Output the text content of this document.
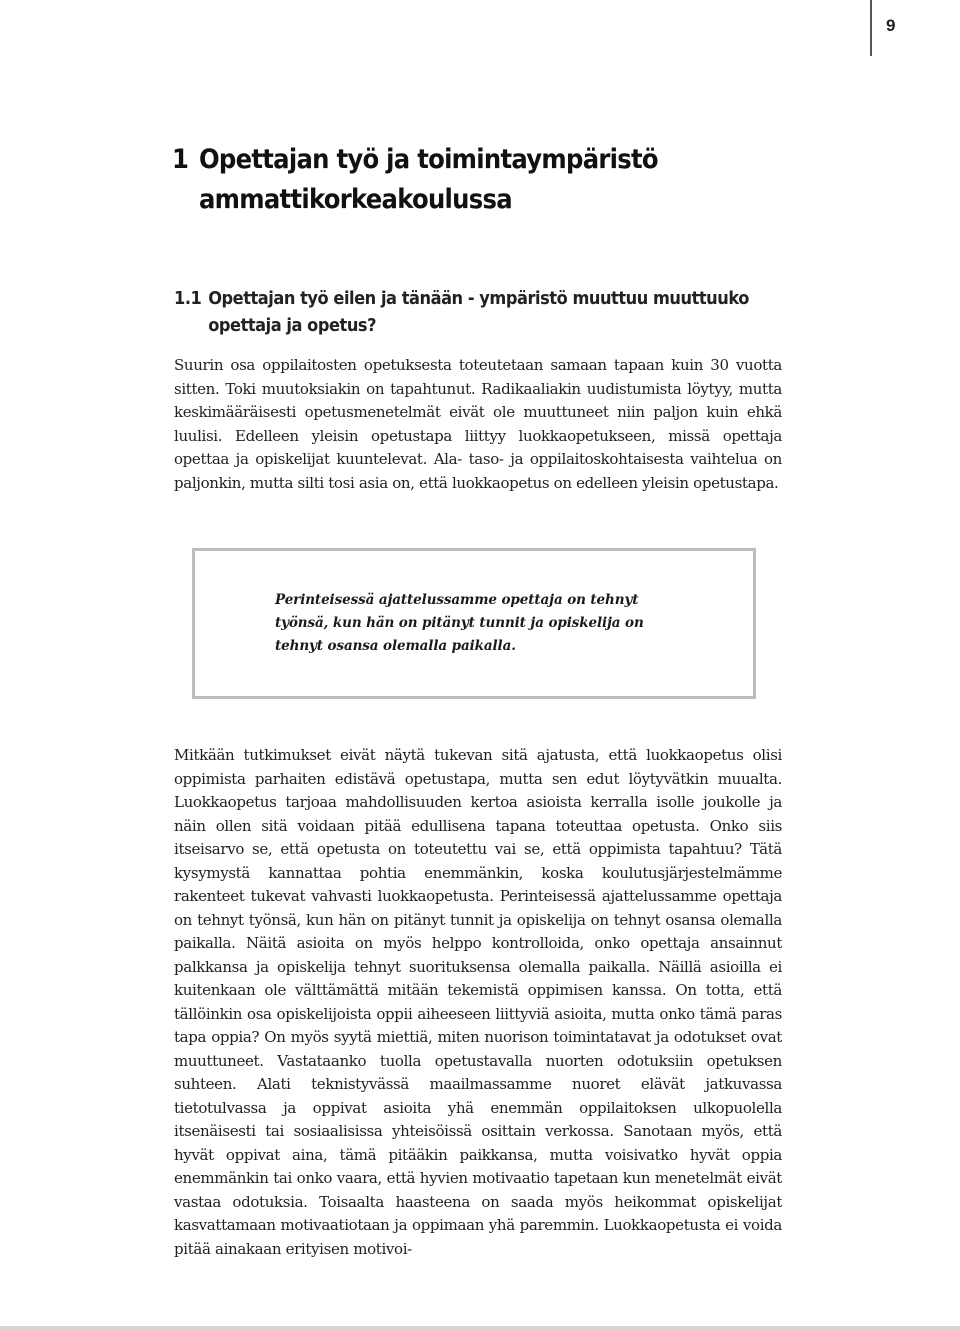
9
1 Opettajan työ ja toimintaympäristö
ammattikorkeakoulussa
1.1 Opettajan työ eilen ja tänään - ympäristö muuttuu muuttuuko
opettaja ja opetus?

Suurin osa oppilaitosten opetuksesta toteutetaan samaan tapaan kuin 30 vuotta sitten. Toki muutoksiakin on tapahtunut. Radikaaliakin uudistumista löytyy, mutta keskimääräisesti opetusmenetelmät eivät ole muuttuneet niin paljon kuin ehkä luulisi. Edelleen yleisin opetustapa liittyy luokkaopetukseen, missä opettaja opettaa ja opiskelijat kuuntelevat. Ala- taso- ja oppilaitoskohtaisesta vaihtelua on paljonkin, mutta silti tosi asia on, että luokkaopetus on edelleen yleisin opetustapa.

Perinteisessä ajattelussamme opettaja on tehnyt työnsä, kun hän on pitänyt tunnit ja opiskelija on tehnyt osansa olemalla paikalla.

Mitkään tutkimukset eivät näytä tukevan sitä ajatusta, että luokkaopetus olisi oppimista parhaiten edistävä opetustapa, mutta sen edut löytyvätkin muualta. Luokkaopetus tarjoaa mahdollisuuden kertoa asioista kerralla isolle joukolle ja näin ollen sitä voidaan pitää edullisena tapana toteuttaa opetusta. Onko siis itseisarvo se, että opetusta on toteutettu vai se, että oppimista tapahtuu? Tätä kysymystä kannattaa pohtia enemmänkin, koska koulutusjärjestelmämme rakenteet tukevat vahvasti luokkaopetusta. Perinteisessä ajattelussamme opettaja on tehnyt työnsä, kun hän on pitänyt tunnit ja opiskelija on tehnyt osansa olemalla paikalla. Näitä asioita on myös helppo kontrolloida, onko opettaja ansainnut palkkansa ja opiskelija tehnyt suorituksensa olemalla paikalla. Näillä asioilla ei kuitenkaan ole välttämättä mitään tekemistä oppimisen kanssa. On totta, että tällöinkin osa opiskelijoista oppii aiheeseen liittyviä asioita, mutta onko tämä paras tapa oppia? On myös syytä miettiä, miten nuorison toimintatavat ja odotukset ovat muuttuneet. Vastataanko tuolla opetustavalla nuorten odotuksiin opetuksen suhteen. Alati teknistyvässä maailmassamme nuoret elävät jatkuvassa tietotulvassa ja oppivat asioita yhä enemmän oppilaitoksen ulkopuolella itsenäisesti tai sosiaalisissa yhteisöissä osittain verkossa. Sanotaan myös, että hyvät oppivat aina, tämä pitääkin paikkansa, mutta voisivatko hyvät oppia enemmänkin tai onko vaara, että hyvien motivaatio tapetaan kun menetelmät eivät vastaa odotuksia. Toisaalta haasteena on saada myös heikommat opiskelijat kasvattamaan motivaatiotaan ja oppimaan yhä paremmin. Luokkaopetusta ei voida pitää ainakaan erityisen motivoi-
